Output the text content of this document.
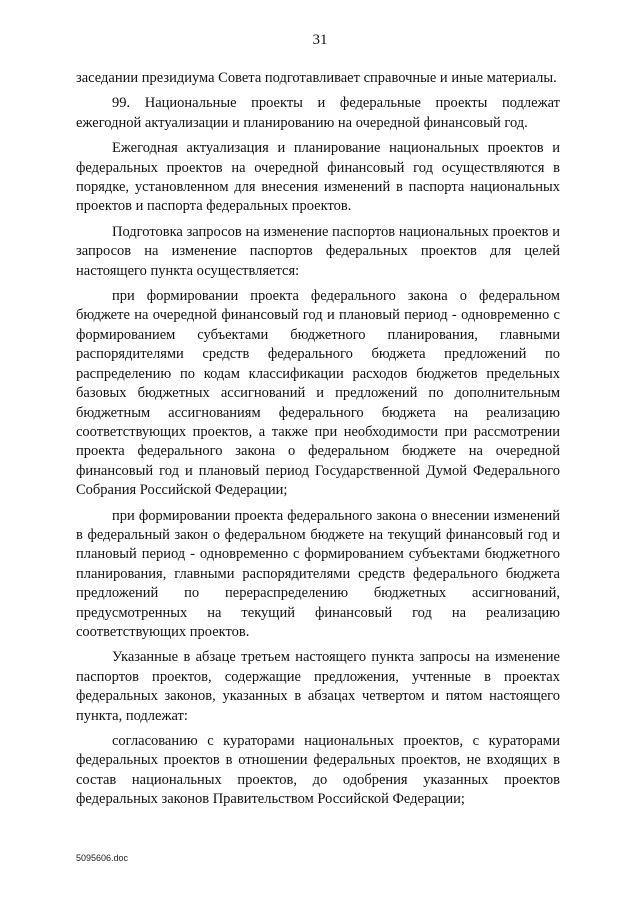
31

заседании президиума Совета подготавливает справочные и иные материалы.

99. Национальные проекты и федеральные проекты подлежат ежегодной актуализации и планированию на очередной финансовый год.

Ежегодная актуализация и планирование национальных проектов и федеральных проектов на очередной финансовый год осуществляются в порядке, установленном для внесения изменений в паспорта национальных проектов и паспорта федеральных проектов.

Подготовка запросов на изменение паспортов национальных проектов и запросов на изменение паспортов федеральных проектов для целей настоящего пункта осуществляется:

при формировании проекта федерального закона о федеральном бюджете на очередной финансовый год и плановый период - одновременно с формированием субъектами бюджетного планирования, главными распорядителями средств федерального бюджета предложений по распределению по кодам классификации расходов бюджетов предельных базовых бюджетных ассигнований и предложений по дополнительным бюджетным ассигнованиям федерального бюджета на реализацию соответствующих проектов, а также при необходимости при рассмотрении проекта федерального закона о федеральном бюджете на очередной финансовый год и плановый период Государственной Думой Федерального Собрания Российской Федерации;

при формировании проекта федерального закона о внесении изменений в федеральный закон о федеральном бюджете на текущий финансовый год и плановый период - одновременно с формированием субъектами бюджетного планирования, главными распорядителями средств федерального бюджета предложений по перераспределению бюджетных ассигнований, предусмотренных на текущий финансовый год на реализацию соответствующих проектов.

Указанные в абзаце третьем настоящего пункта запросы на изменение паспортов проектов, содержащие предложения, учтенные в проектах федеральных законов, указанных в абзацах четвертом и пятом настоящего пункта, подлежат:

согласованию с кураторами национальных проектов, с кураторами федеральных проектов в отношении федеральных проектов, не входящих в состав национальных проектов, до одобрения указанных проектов федеральных законов Правительством Российской Федерации;

5095606.doc
